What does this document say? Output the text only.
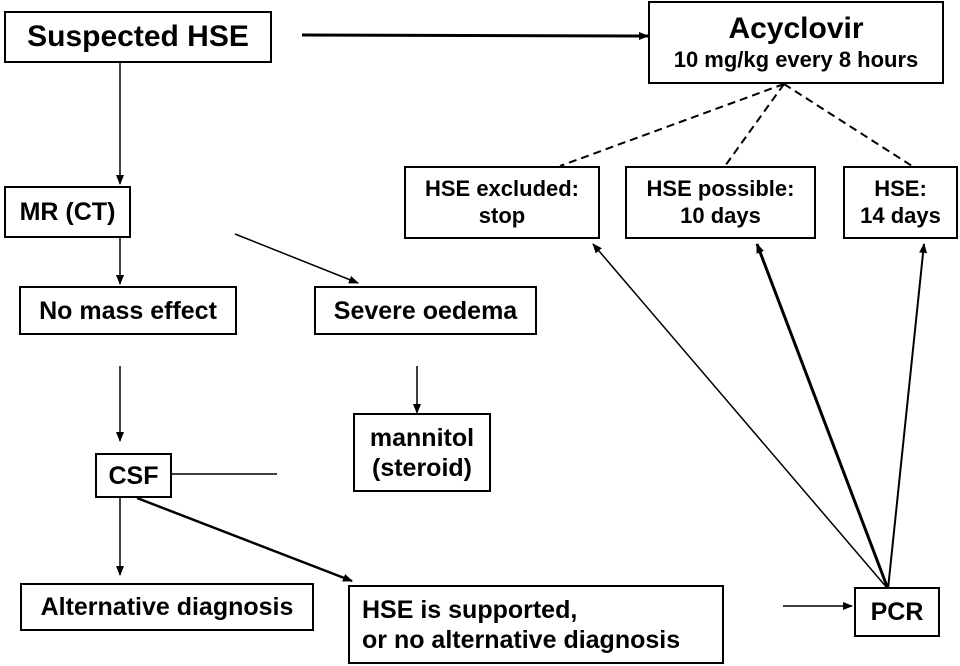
Suspected HSE	Acyclovir
10 mg/kg every 8 hours
MR (CT)
HSE excluded:
stop
HSE possible:
10 days
HSE:
14 days
No mass effect	Severe oedema
mannitol
(steroid)
CSF
Alternative diagnosis	HSE is supported,
or no alternative diagnosis
PCR
